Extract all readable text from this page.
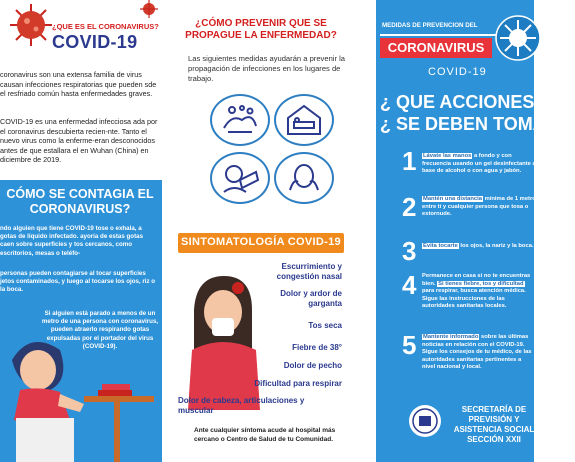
¿QUE ES EL CORONAVIRUS?
COVID-19

coronavirus son una extensa familia de virus causan infecciones respiratorias que pueden sde el resfriado común hasta enfermedades graves.

COVID-19 es una enfermedad infecciosa ada por el coronavirus descubierta recien-nte. Tanto el nuevo virus como la enferme-eran desconocidos antes de que estallara el en Wuhan (China) en diciembre de 2019.

CÓMO SE CONTAGIA EL CORONAVIRUS?

ndo alguien que tiene COVID-19 tose o exhala, a gotas de líquido infectado. ayoría de estas gotas caen sobre superficies y tos cercanos, como escritorios, mesas o teléfo-

personas pueden contagiarse al tocar superficies jetos contaminados, y luego al tocarse los ojos, riz o la boca.

Si alguien está parado a menos de un metro de una persona con coronavirus, pueden atraerlo respirando gotas expulsadas por el portador del virus (COVID-19).

¿CÓMO PREVENIR QUE SE PROPAGUE LA ENFERMEDAD?

Las siguientes medidas ayudarán a prevenir la propagación de infecciones en los lugares de trabajo.

SINTOMATOLOGÍA COVID-19
Escurrimiento y congestión nasal
Dolor y ardor de garganta
Tos seca
Fiebre de 38°
Dolor de pecho
Dificultad para respirar
Dolor de cabeza, articulaciones y muscular

Ante cualquier síntoma acude al hospital más cercano o Centro de Salud de tu Comunidad.

MEDIDAS DE PREVENCION DEL
CORONAVIRUS
COVID-19
¿ QUE ACCIONES
¿ SE DEBEN TOMAR ?
1 Lávate las manos a fondo y con frecuencia usando un gel desinfectante a base de alcohol o con agua y jabón.

2 Mantén una distancia mínima de 1 metro entre tí y cualquier persona que tosa o estornude.

3 Evita tocarte los ojos, la nariz y la boca.

4 Permanece en casa si no te encuentras bien. Si tienes fiebre, tos y dificultad para respirar, busca atención médica. Sigue las instrucciones de las autoridades sanitarias locales.

5 Mantente informado sobre las últimas noticias en relación con el COVID-19. Sigue los consejos de tu médico, de las autoridades sanitarias pertinentes a nivel nacional y local.

SECRETARÍA DE PREVISIÓN Y ASISTENCIA SOCIAL SECCIÓN XXII
